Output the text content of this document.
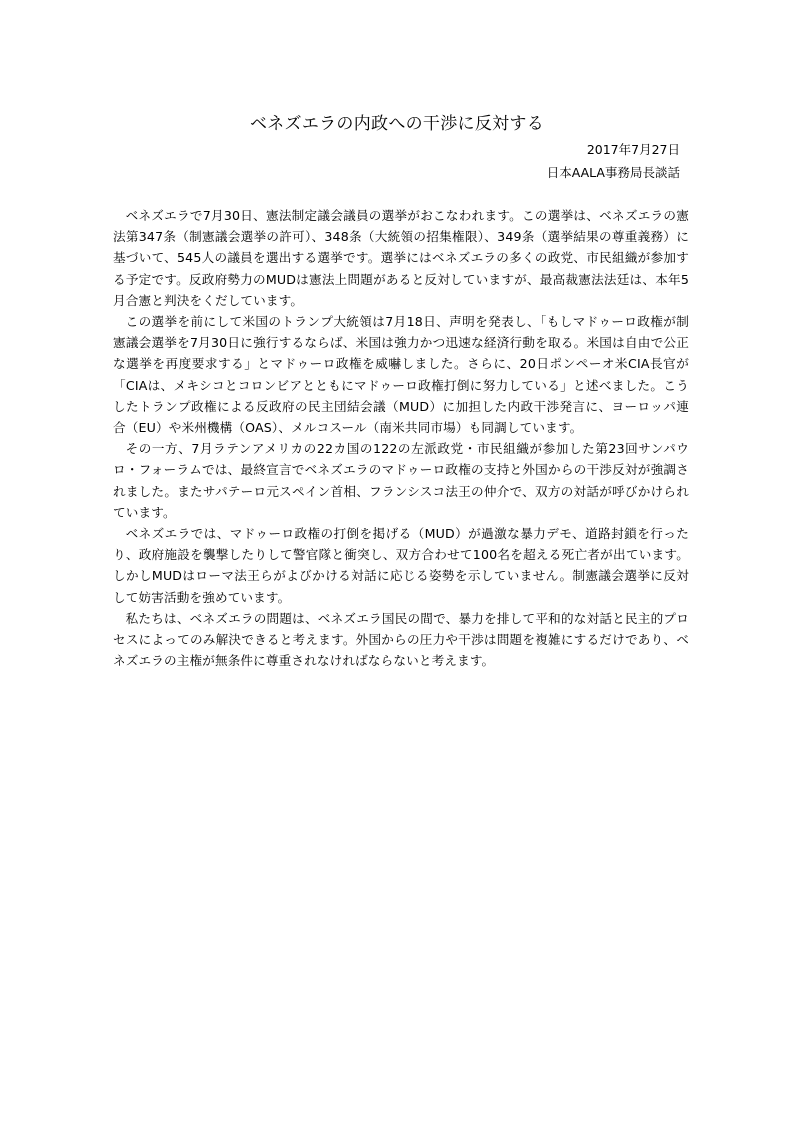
ベネズエラの内政への干渉に反対する
2017年7月27日
日本AALA事務局長談話

ベネズエラで7月30日、憲法制定議会議員の選挙がおこなわれます。この選挙は、ベネズエラの憲法第347条（制憲議会選挙の許可）、348条（大統領の招集権限）、349条（選挙結果の尊重義務）に基づいて、545人の議員を選出する選挙です。選挙にはベネズエラの多くの政党、市民組織が参加する予定です。反政府勢力のMUDは憲法上問題があると反対していますが、最高裁憲法法廷は、本年5月合憲と判決をくだしています。

この選挙を前にして米国のトランプ大統領は7月18日、声明を発表し、「もしマドゥーロ政権が制憲議会選挙を7月30日に強行するならば、米国は強力かつ迅速な経済行動を取る。米国は自由で公正な選挙を再度要求する」とマドゥーロ政権を威嚇しました。さらに、20日ポンペーオ米CIA長官が「CIAは、メキシコとコロンビアとともにマドゥーロ政権打倒に努力している」と述べました。こうしたトランプ政権による反政府の民主団結会議（MUD）に加担した内政干渉発言に、ヨーロッパ連合（EU）や米州機構（OAS）、メルコスール（南米共同市場）も同調しています。

その一方、7月ラテンアメリカの22カ国の122の左派政党・市民組織が参加した第23回サンパウロ・フォーラムでは、最終宣言でベネズエラのマドゥーロ政権の支持と外国からの干渉反対が強調されました。またサパテーロ元スペイン首相、フランシスコ法王の仲介で、双方の対話が呼びかけられています。

ベネズエラでは、マドゥーロ政権の打倒を掲げる（MUD）が過激な暴力デモ、道路封鎖を行ったり、政府施設を襲撃したりして警官隊と衝突し、双方合わせて100名を超える死亡者が出ています。しかしMUDはローマ法王らがよびかける対話に応じる姿勢を示していません。制憲議会選挙に反対して妨害活動を強めています。

私たちは、ベネズエラの問題は、ベネズエラ国民の間で、暴力を排して平和的な対話と民主的プロセスによってのみ解決できると考えます。外国からの圧力や干渉は問題を複雑にするだけであり、ベネズエラの主権が無条件に尊重されなければならないと考えます。
